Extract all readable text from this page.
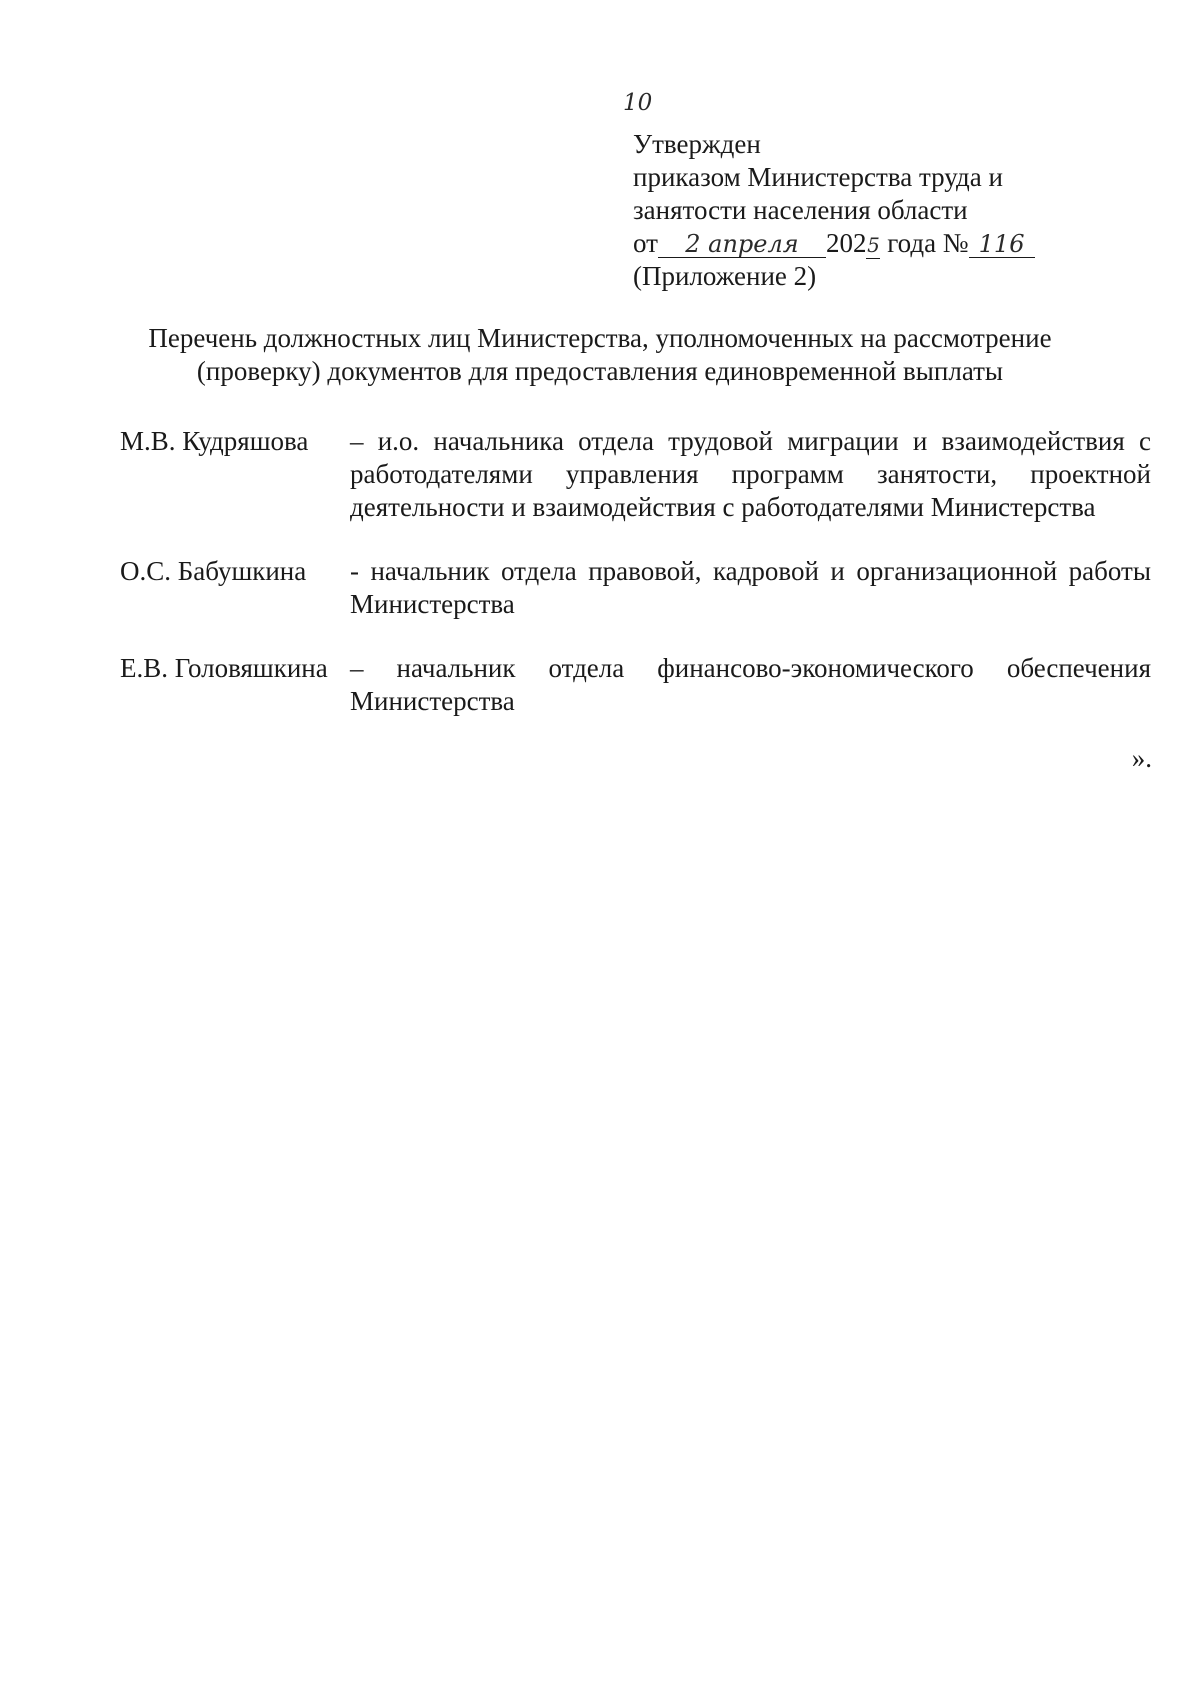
10
Утвержден
приказом Министерства труда и
занятости населения области
от 2 апреля 2025 года № 116
(Приложение 2)
Перечень должностных лиц Министерства, уполномоченных на рассмотрение
(проверку) документов для предоставления единовременной выплаты
М.В. Кудряшова	– и.о. начальника отдела трудовой миграции и взаимодействия с работодателями управления программ занятости, проектной деятельности и взаимодействия с работодателями Министерства
О.С. Бабушкина	- начальник отдела правовой, кадровой и организационной работы Министерства
Е.В. Головяшкина – начальник отдела финансово-экономического обеспечения Министерства
».
